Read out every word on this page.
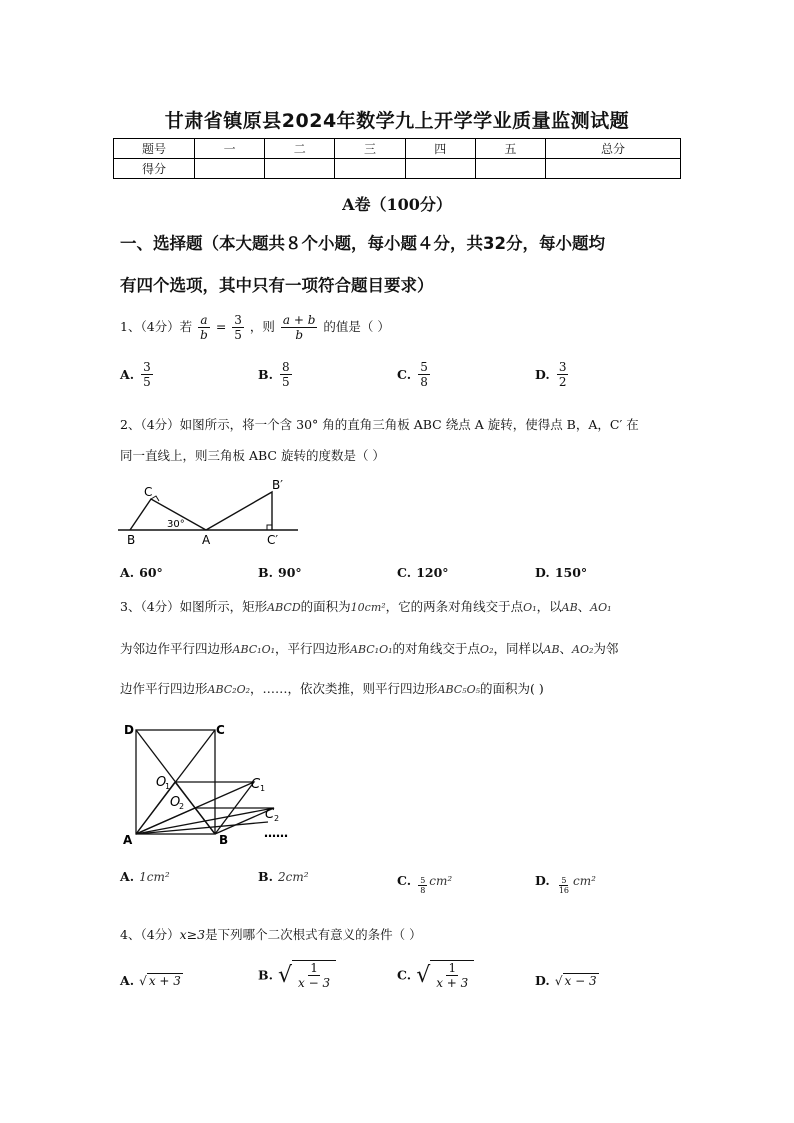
甘肃省镇原县2024年数学九上开学学业质量监测试题
题号	一	二	三	四	五	总分
得分						
A卷（100分）
一、选择题（本大题共８个小题，每小题４分，共32分，每小题均
有四个选项，其中只有一项符合题目要求）
1、（4分）若 $\frac{a}{b} = \frac{3}{5}$ ，则 $\frac{a + b}{b}$ 的值是（ ）
A. $\frac{3}{5}$	B. $\frac{8}{5}$	C. $\frac{5}{8}$	D. $\frac{3}{2}$
2、（4分）如图所示，将一个含 30° 角的直角三角板 ABC 绕点 A 旋转，使得点 B，A，C′ 在
同一直线上，则三角板 ABC 旋转的度数是（ ）
C
B	A
B′
C′
30°
A. 60°	B. 90°	C. 120°	D. 150°
3、（4分）如图所示，矩形ABCD的面积为10cm²，它的两条对角线交于点O₁，以AB、AO₁
为邻边作平行四边形ABC₁O₁，平行四边形ABC₁O₁的对角线交于点O₂，同样以AB、AO₂为邻
边作平行四边形ABC₂O₂，……，依次类推，则平行四边形ABC₅O₅的面积为( )
D	C
O
1
O
2
C 1
C 2
A	B	……
A. 1cm²	B. 2cm²	C. $\frac{5}{8} cm^2$	D. $\frac{5}{16} cm^2$
4、（4分）x≥3是下列哪个二次根式有意义的条件（ ）
A. √ x + 3	B. √ $\frac{1}{x - 3}$	C. √ $\frac{1}{x + 3}$	D. √ x − 3
